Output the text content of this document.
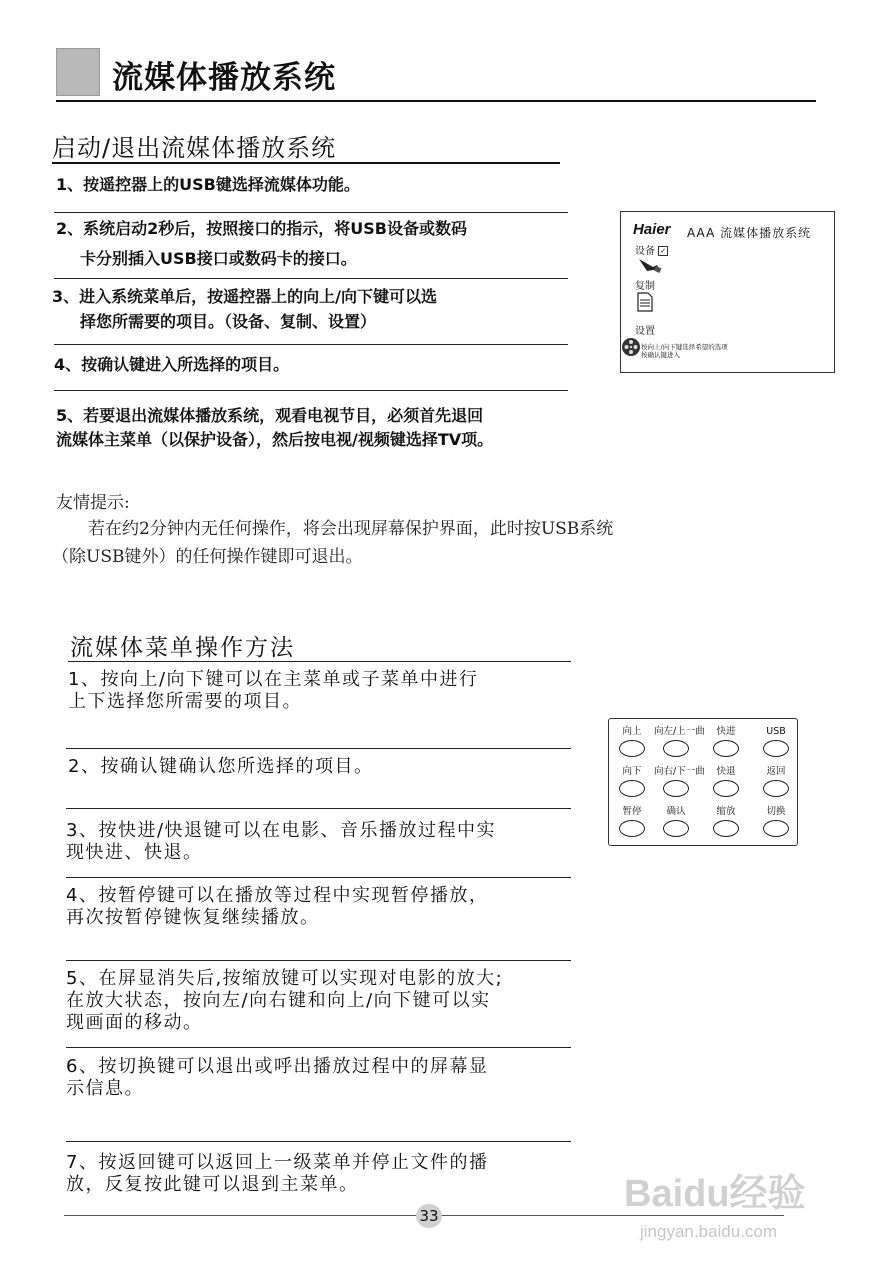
流媒体播放系统
启动/退出流媒体播放系统
1、按遥控器上的USB键选择流媒体功能。
2、系统启动2秒后，按照接口的指示，将USB设备或数码
卡分别插入USB接口或数码卡的接口。
3、进入系统菜单后，按遥控器上的向上/向下键可以选
择您所需要的项目。（设备、复制、设置）
4、按确认键进入所选择的项目。
5、若要退出流媒体播放系统，观看电视节目，必须首先退回
流媒体主菜单（以保护设备），然后按电视/视频键选择TV项。
Haier AAA 流媒体播放系统
设备 ✓
复制
设置
按向上/向下键选择希望的选项
按确认键进入
友情提示:
若在约2分钟内无任何操作，将会出现屏幕保护界面，此时按USB系统
（除USB键外）的任何操作键即可退出。
流媒体菜单操作方法
1、按向上/向下键可以在主菜单或子菜单中进行
上下选择您所需要的项目。
2、按确认键确认您所选择的项目。
3、按快进/快退键可以在电影、音乐播放过程中实
现快进、快退。
4、按暂停键可以在播放等过程中实现暂停播放，
再次按暂停键恢复继续播放。
5、在屏显消失后,按缩放键可以实现对电影的放大;
在放大状态，按向左/向右键和向上/向下键可以实
现画面的移动。
6、按切换键可以退出或呼出播放过程中的屏幕显
示信息。
7、按返回键可以返回上一级菜单并停止文件的播
放，反复按此键可以退到主菜单。
向上	向左/上一曲	快进	USB
向下	向右/下一曲	快退	返回
暂停	确认	缩放	切换
33
Baidu经验
jingyan.baidu.com
